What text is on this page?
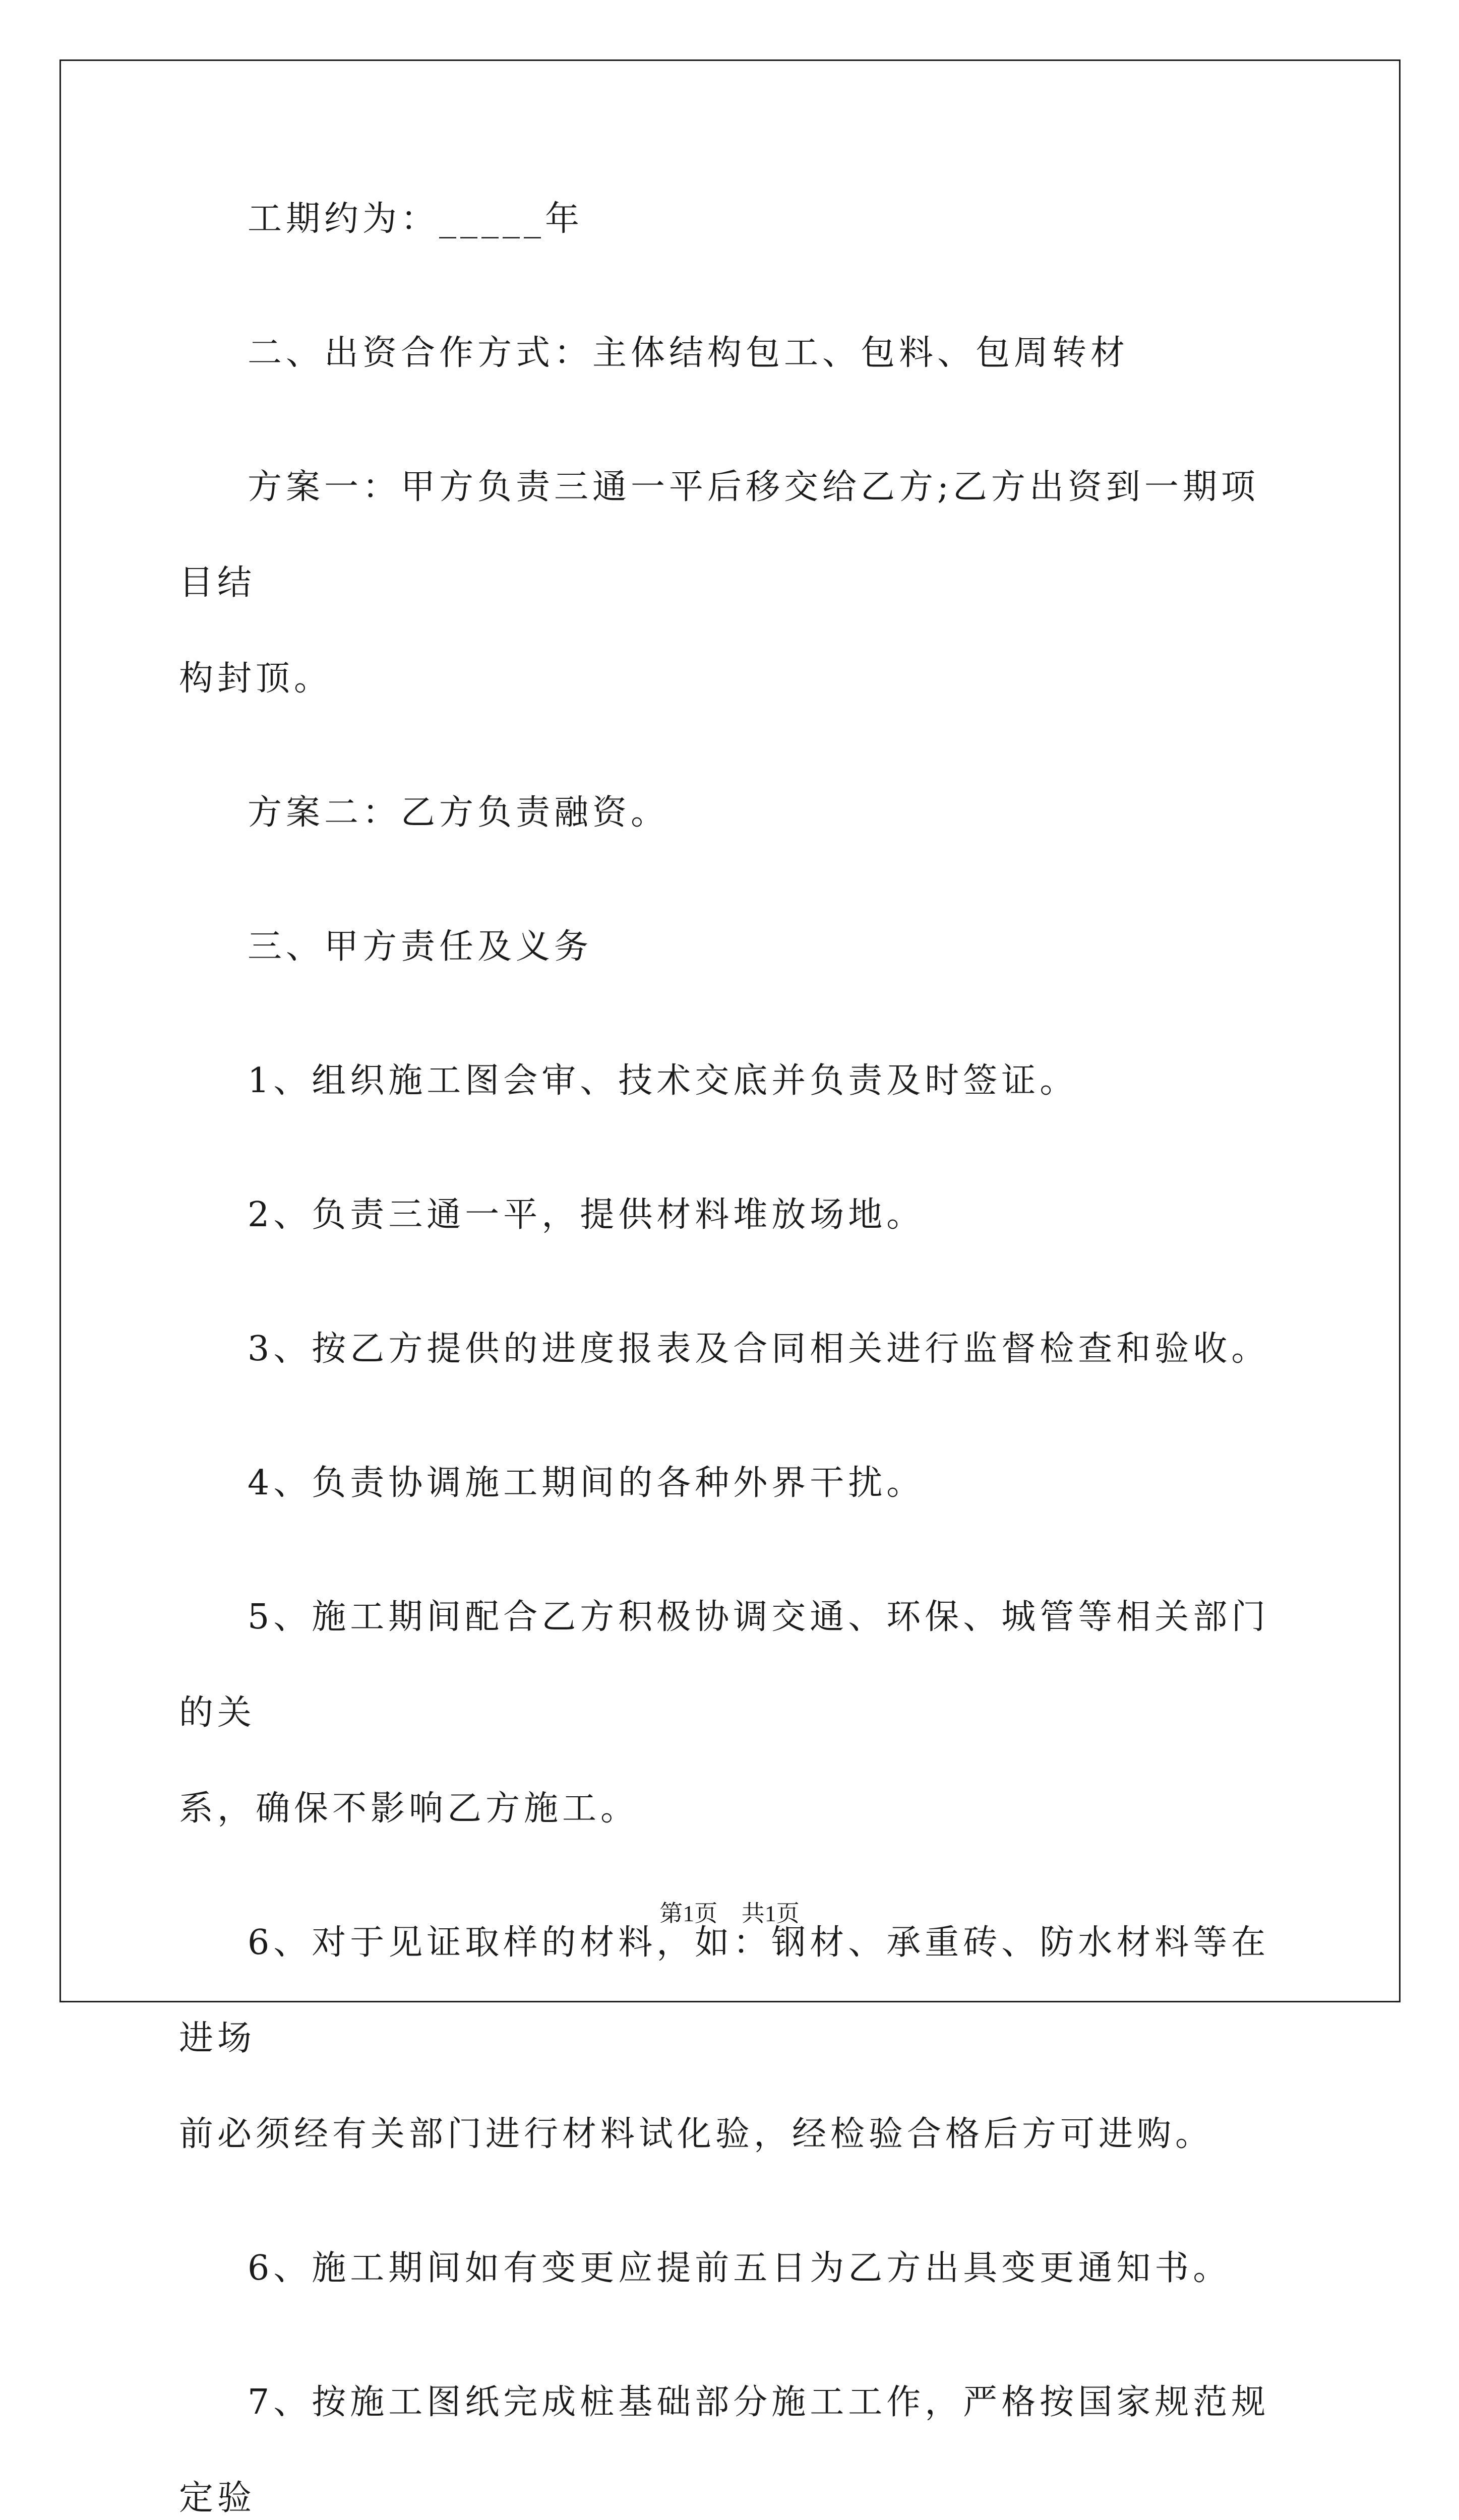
工期约为：_____年

二、出资合作方式：主体结构包工、包料、包周转材

方案一：甲方负责三通一平后移交给乙方;乙方出资到一期项目结
构封顶。

方案二：乙方负责融资。

三、甲方责任及义务

1、组织施工图会审、技术交底并负责及时签证。

2、负责三通一平，提供材料堆放场地。

3、按乙方提供的进度报表及合同相关进行监督检查和验收。

4、负责协调施工期间的各种外界干扰。

5、施工期间配合乙方积极协调交通、环保、城管等相关部门的关
系，确保不影响乙方施工。

6、对于见证取样的材料，如：钢材、承重砖、防水材料等在进场
前必须经有关部门进行材料试化验，经检验合格后方可进购。

6、施工期间如有变更应提前五日为乙方出具变更通知书。

7、按施工图纸完成桩基础部分施工工作，严格按国家规范规定验

第1页 共1页
